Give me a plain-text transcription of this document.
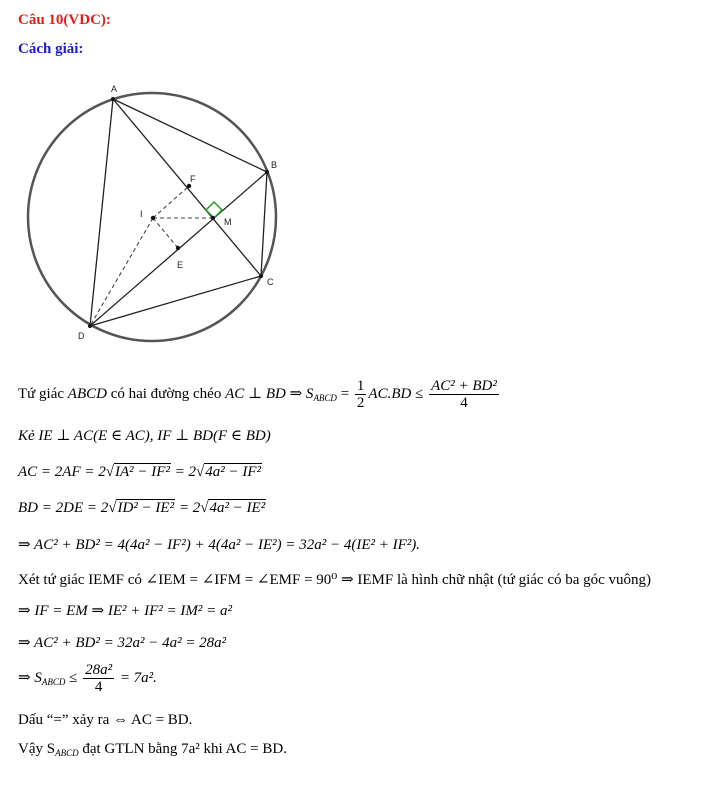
Câu 10(VDC):
Cách giải:
A
B
C
D
F
I
M
E
Tứ giác ABCD có hai đường chéo AC ⊥ BD ⇒ $S_{ABCD} = \frac{1}{2} AC.BD \le \frac{\text{AC² + BD²}}{4}$
Kẻ IE ⊥ AC(E ∈ AC), IF ⊥ BD(F ∈ BD)
AC = 2AF = 2√IA² − IF² = 2√4a² − IF²
BD = 2DE = 2√ID² − IE² = 2√4a² − IE²
⇒ AC² + BD² = 4(4a² − IF²) + 4(4a² − IE²) = 32a² − 4(IE² + IF²).
Xét tứ giác IEMF có ∠IEM = ∠IFM = ∠EMF = 90⁰ ⇒ IEMF là hình chữ nhật (tứ giác có ba góc vuông)
⇒ IF = EM ⇒ IE² + IF² = IM² = a²
⇒ AC² + BD² = 32a² − 4a² = 28a²
⇒ $S_{ABCD} \le \frac{\text{28a²}}{4} = 7a^2$.
Dấu “=” xảy ra ⇔ AC = BD.
Vậy $S_{ABCD}$ đạt GTLN bằng 7a² khi AC = BD.
